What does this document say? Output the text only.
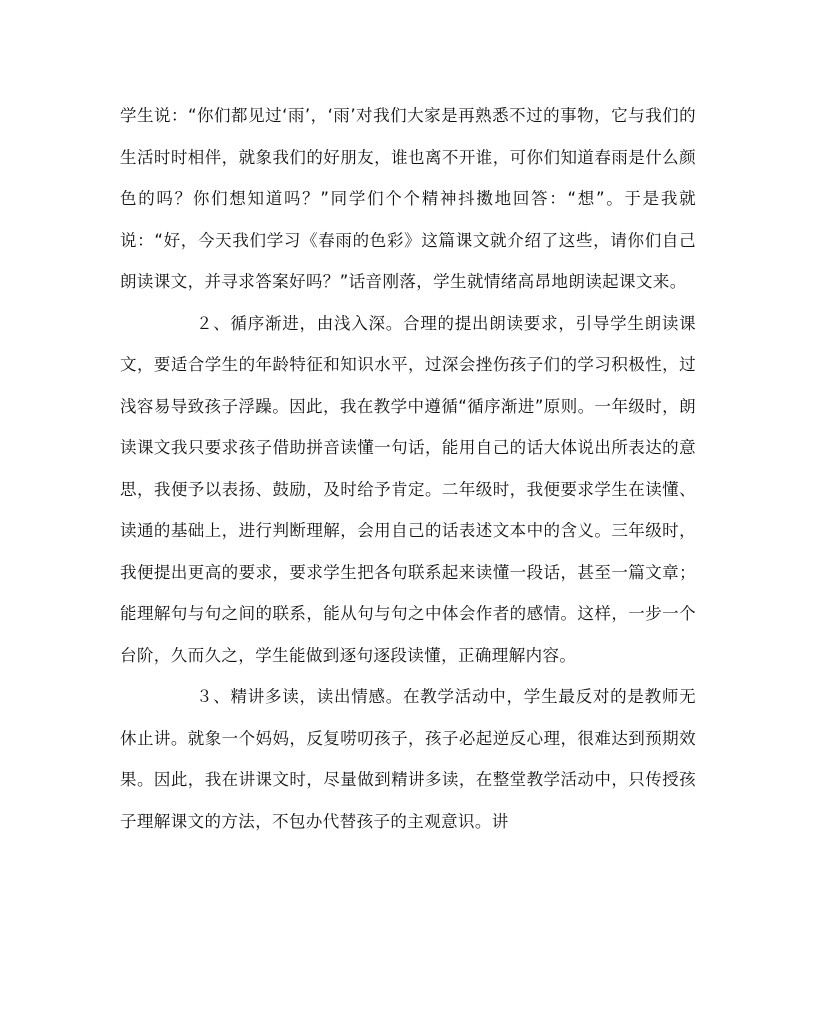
学生说：“你们都见过‘雨’，‘雨’对我们大家是再熟悉不过的事物，它与我们的生活时时相伴，就象我们的好朋友，谁也离不开谁，可你们知道春雨是什么颜色的吗？你们想知道吗？”同学们个个精神抖擞地回答：“想”。于是我就说：“好，今天我们学习《春雨的色彩》这篇课文就介绍了这些，请你们自己朗读课文，并寻求答案好吗？”话音刚落，学生就情绪高昂地朗读起课文来。

２、循序渐进，由浅入深。合理的提出朗读要求，引导学生朗读课文，要适合学生的年龄特征和知识水平，过深会挫伤孩子们的学习积极性，过浅容易导致孩子浮躁。因此，我在教学中遵循“循序渐进”原则。一年级时，朗读课文我只要求孩子借助拼音读懂一句话，能用自己的话大体说出所表达的意思，我便予以表扬、鼓励，及时给予肯定。二年级时，我便要求学生在读懂、读通的基础上，进行判断理解，会用自己的话表述文本中的含义。三年级时，我便提出更高的要求，要求学生把各句联系起来读懂一段话，甚至一篇文章；能理解句与句之间的联系，能从句与句之中体会作者的感情。这样，一步一个台阶，久而久之，学生能做到逐句逐段读懂，正确理解内容。

３、精讲多读，读出情感。在教学活动中，学生最反对的是教师无休止讲。就象一个妈妈，反复唠叨孩子，孩子必起逆反心理，很难达到预期效果。因此，我在讲课文时，尽量做到精讲多读，在整堂教学活动中，只传授孩子理解课文的方法，不包办代替孩子的主观意识。讲
